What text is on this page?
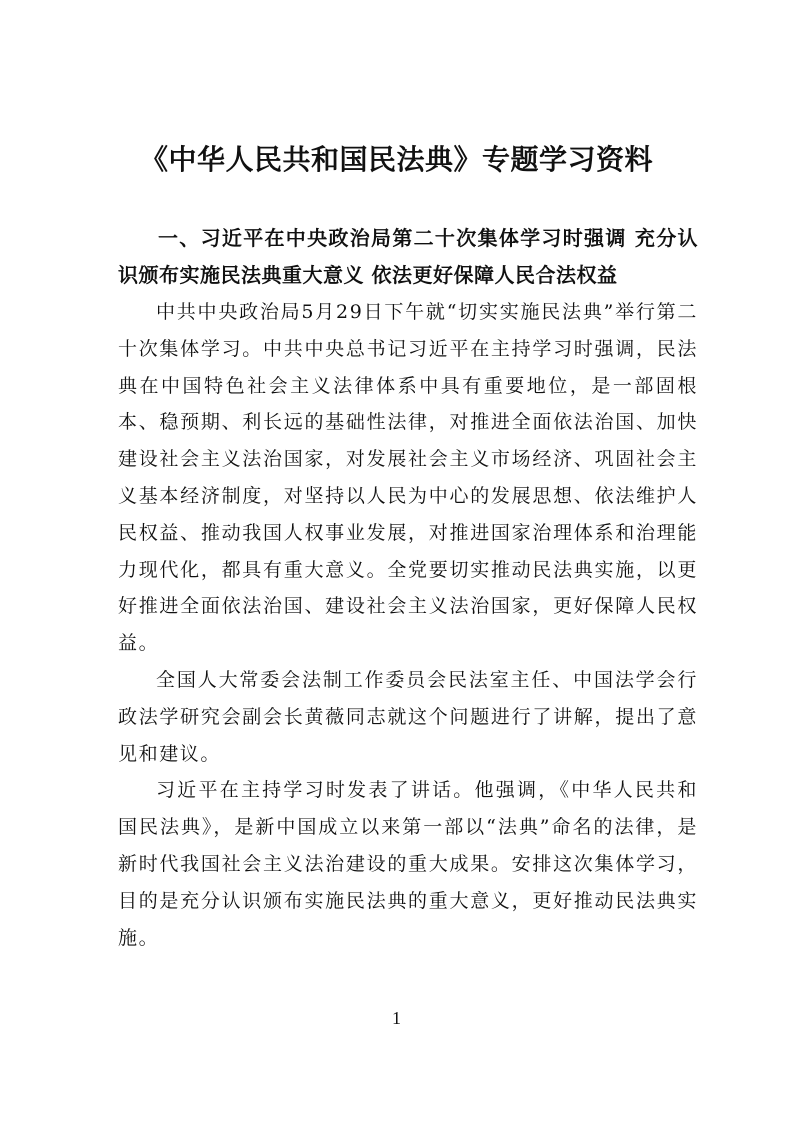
《中华人民共和国民法典》专题学习资料

一、习近平在中央政治局第二十次集体学习时强调 充分认识颁布实施民法典重大意义 依法更好保障人民合法权益

中共中央政治局5月29日下午就“切实实施民法典”举行第二十次集体学习。中共中央总书记习近平在主持学习时强调，民法典在中国特色社会主义法律体系中具有重要地位，是一部固根本、稳预期、利长远的基础性法律，对推进全面依法治国、加快建设社会主义法治国家，对发展社会主义市场经济、巩固社会主义基本经济制度，对坚持以人民为中心的发展思想、依法维护人民权益、推动我国人权事业发展，对推进国家治理体系和治理能力现代化，都具有重大意义。全党要切实推动民法典实施，以更好推进全面依法治国、建设社会主义法治国家，更好保障人民权益。

全国人大常委会法制工作委员会民法室主任、中国法学会行政法学研究会副会长黄薇同志就这个问题进行了讲解，提出了意见和建议。

习近平在主持学习时发表了讲话。他强调，《中华人民共和国民法典》，是新中国成立以来第一部以“法典”命名的法律，是新时代我国社会主义法治建设的重大成果。安排这次集体学习，目的是充分认识颁布实施民法典的重大意义，更好推动民法典实施。

1
